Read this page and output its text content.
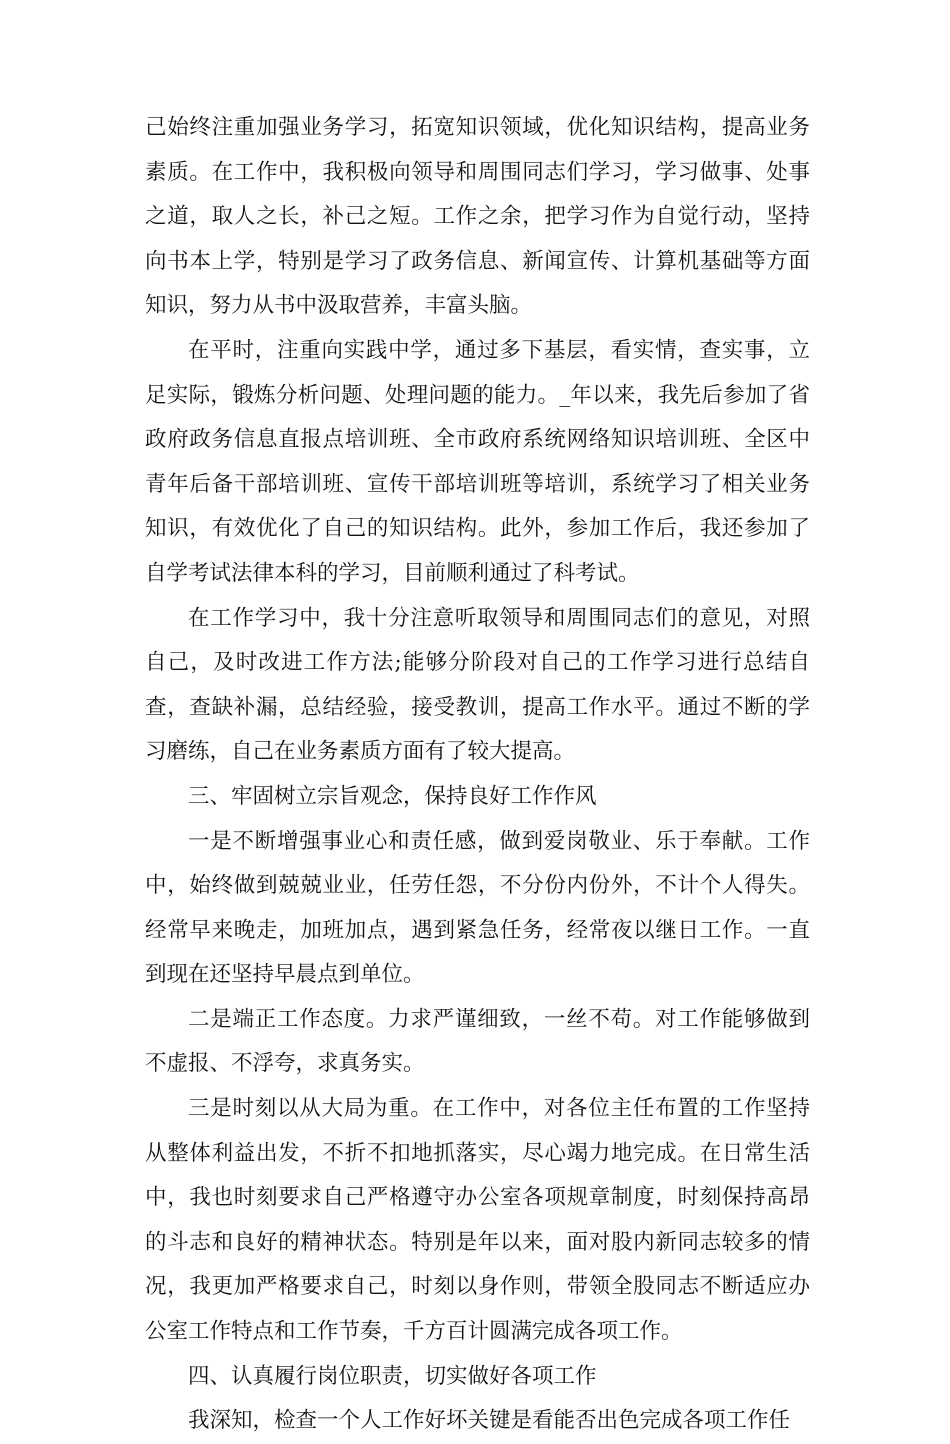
己始终注重加强业务学习，拓宽知识领域，优化知识结构，提高业务素质。在工作中，我积极向领导和周围同志们学习，学习做事、处事之道，取人之长，补己之短。工作之余，把学习作为自觉行动，坚持向书本上学，特别是学习了政务信息、新闻宣传、计算机基础等方面知识，努力从书中汲取营养，丰富头脑。

在平时，注重向实践中学，通过多下基层，看实情，查实事，立足实际，锻炼分析问题、处理问题的能力。_年以来，我先后参加了省政府政务信息直报点培训班、全市政府系统网络知识培训班、全区中青年后备干部培训班、宣传干部培训班等培训，系统学习了相关业务知识，有效优化了自己的知识结构。此外，参加工作后，我还参加了自学考试法律本科的学习，目前顺利通过了科考试。

在工作学习中，我十分注意听取领导和周围同志们的意见，对照自己，及时改进工作方法;能够分阶段对自己的工作学习进行总结自查，查缺补漏，总结经验，接受教训，提高工作水平。通过不断的学习磨练，自己在业务素质方面有了较大提高。

三、牢固树立宗旨观念，保持良好工作作风

一是不断增强事业心和责任感，做到爱岗敬业、乐于奉献。工作中，始终做到兢兢业业，任劳任怨，不分份内份外，不计个人得失。经常早来晚走，加班加点，遇到紧急任务，经常夜以继日工作。一直到现在还坚持早晨点到单位。

二是端正工作态度。力求严谨细致，一丝不苟。对工作能够做到不虚报、不浮夸，求真务实。

三是时刻以从大局为重。在工作中，对各位主任布置的工作坚持从整体利益出发，不折不扣地抓落实，尽心竭力地完成。在日常生活中，我也时刻要求自己严格遵守办公室各项规章制度，时刻保持高昂的斗志和良好的精神状态。特别是年以来，面对股内新同志较多的情况，我更加严格要求自己，时刻以身作则，带领全股同志不断适应办公室工作特点和工作节奏，千方百计圆满完成各项工作。

四、认真履行岗位职责，切实做好各项工作

我深知，检查一个人工作好坏关键是看能否出色完成各项工作任
